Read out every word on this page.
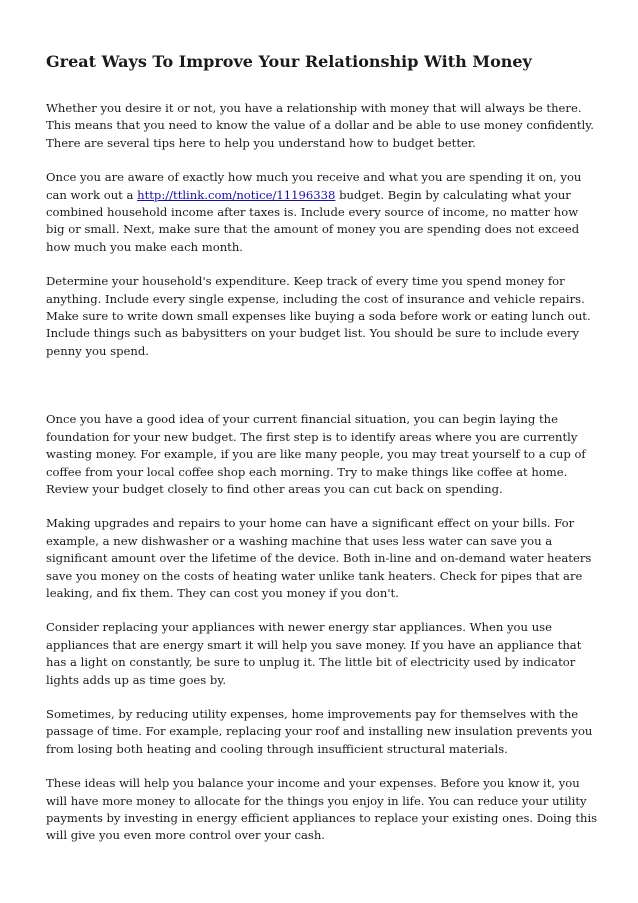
Great Ways To Improve Your Relationship With Money

Whether you desire it or not, you have a relationship with money that will always be there. This means that you need to know the value of a dollar and be able to use money confidently. There are several tips here to help you understand how to budget better.

Once you are aware of exactly how much you receive and what you are spending it on, you can work out a http://ttlink.com/notice/11196338 budget. Begin by calculating what your combined household income after taxes is. Include every source of income, no matter how big or small. Next, make sure that the amount of money you are spending does not exceed how much you make each month.

Determine your household's expenditure. Keep track of every time you spend money for anything. Include every single expense, including the cost of insurance and vehicle repairs. Make sure to write down small expenses like buying a soda before work or eating lunch out. Include things such as babysitters on your budget list. You should be sure to include every penny you spend.

Once you have a good idea of your current financial situation, you can begin laying the foundation for your new budget. The first step is to identify areas where you are currently wasting money. For example, if you are like many people, you may treat yourself to a cup of coffee from your local coffee shop each morning. Try to make things like coffee at home. Review your budget closely to find other areas you can cut back on spending.

Making upgrades and repairs to your home can have a significant effect on your bills. For example, a new dishwasher or a washing machine that uses less water can save you a significant amount over the lifetime of the device. Both in-line and on-demand water heaters save you money on the costs of heating water unlike tank heaters. Check for pipes that are leaking, and fix them. They can cost you money if you don't.

Consider replacing your appliances with newer energy star appliances. When you use appliances that are energy smart it will help you save money. If you have an appliance that has a light on constantly, be sure to unplug it. The little bit of electricity used by indicator lights adds up as time goes by.

Sometimes, by reducing utility expenses, home improvements pay for themselves with the passage of time. For example, replacing your roof and installing new insulation prevents you from losing both heating and cooling through insufficient structural materials.

These ideas will help you balance your income and your expenses. Before you know it, you will have more money to allocate for the things you enjoy in life. You can reduce your utility payments by investing in energy efficient appliances to replace your existing ones. Doing this will give you even more control over your cash.
